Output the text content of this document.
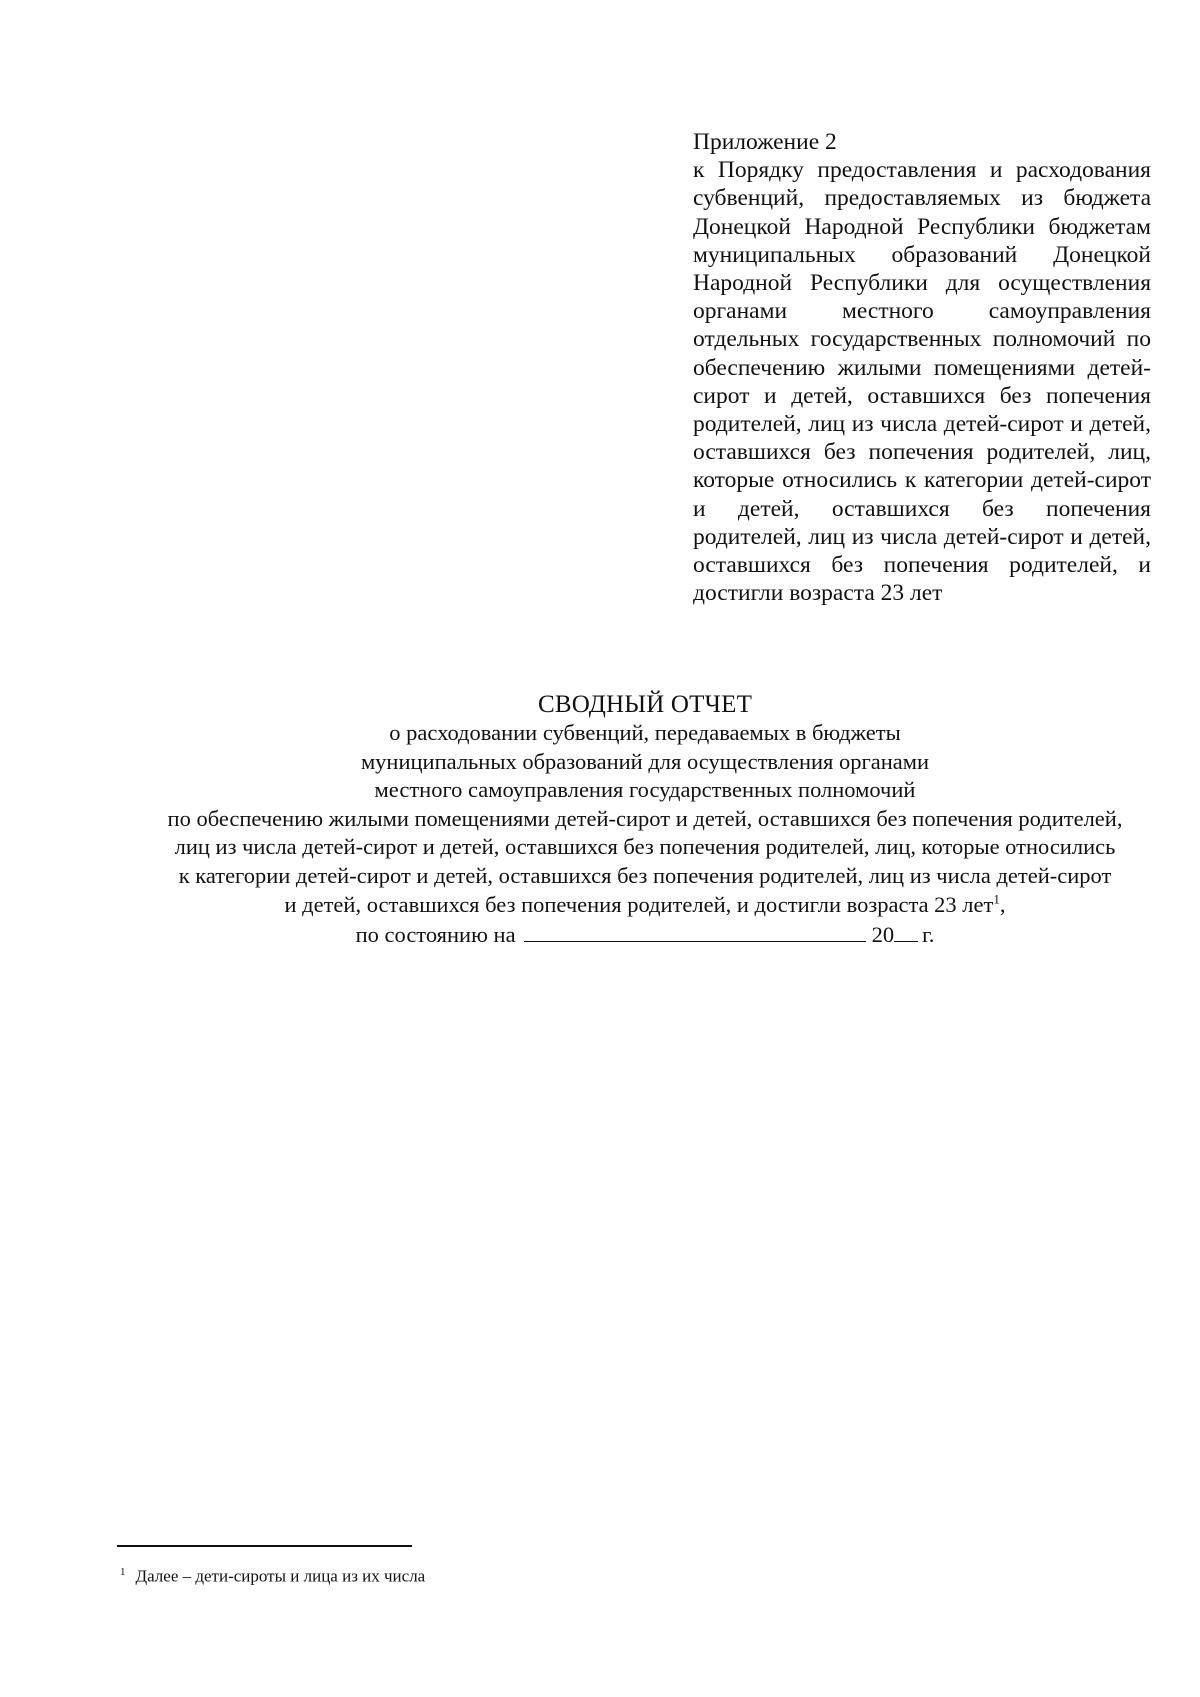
Приложение 2
к Порядку предоставления и расходования субвенций, предоставляемых из бюджета Донецкой Народной Республики бюджетам муниципальных образований Донецкой Народной Республики для осуществления органами местного самоуправления отдельных государственных полномочий по обеспечению жилыми помещениями детей-сирот и детей, оставшихся без попечения родителей, лиц из числа детей-сирот и детей, оставшихся без попечения родителей, лиц, которые относились к категории детей-сирот и детей, оставшихся без попечения родителей, лиц из числа детей-сирот и детей, оставшихся без попечения родителей, и достигли возраста 23 лет
СВОДНЫЙ ОТЧЕТ
о расходовании субвенций, передаваемых в бюджеты
муниципальных образований для осуществления органами
местного самоуправления государственных полномочий
по обеспечению жилыми помещениями детей-сирот и детей, оставшихся без попечения родителей,
лиц из числа детей-сирот и детей, оставшихся без попечения родителей, лиц, которые относились
к категории детей-сирот и детей, оставшихся без попечения родителей, лиц из числа детей-сирот
и детей, оставшихся без попечения родителей, и достигли возраста 23 лет$^1$,
по состоянию на	20 г.
$^1$ Далее – дети-сироты и лица из их числа
